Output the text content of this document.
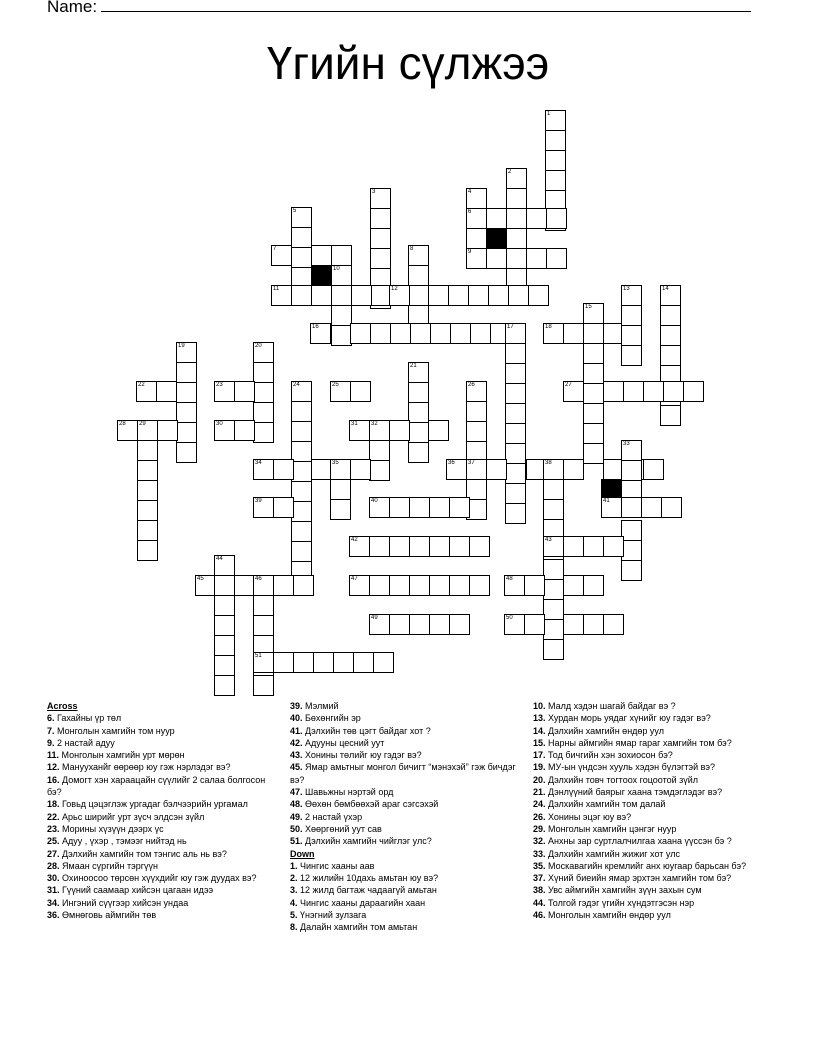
Name:
Үгийн сүлжээ
1
2
3	4
6
9
5
7
10
11
8
12
16	17	18
15
13	14
27
19	20
22	23
28 29	30
24	25
21
31 32
26
34	35	36 37	38
33
39	40	41
42	43
44
45	46	47	48
49	50
51
Across
6. Гахайны үр төл
7. Монголын хамгийн том нуур
9. 2 настай адуу
11. Монголын хамгийн урт мөрөн
12. Манууханйг өөрөөр юу гэж нэрлэдэг вэ?
16. Домогт хэн хараацайн сүүлийг 2 салаа болгосон бэ?
18. Говьд цэцэглэж ургадаг бэлчээрийн ургамал
22. Арьс ширийг урт зүсч элдсэн зүйл
23. Морины хүзүүн дээрх үс
25. Адуу , үхэр , тэмээг нийтэд нь
27. Дэлхийн хамгийн том тэнгис аль нь вэ?
28. Ямаан сүргийн тэргүүн
30. Охиноосоо төрсөн хүүхдийг юу гэж дуудах вэ?
31. Гүүний саамаар хийсэн цагаан идээ
34. Ингэний сүүгээр хийсэн ундаа
36. Өмнөговь аймгийн төв
39. Мэлмий
40. Бөхөнгийн эр
41. Дэлхийн төв цэгт байдаг хот ?
42. Адууны цесний уут
43. Хонины төлийг юу гэдэг вэ?
45. Ямар амьтныг монгол бичигт “мэнэхэй” гэж бичдэг вэ?
47. Шавьжны нэртэй орд
48. Өөхөн бөмбөөхэй араг сэгсэхэй
49. 2 настай үхэр
50. Хөөргөний уут сав
51. Дэлхийн хамгийн чийглэг улс?
Down
1. Чингис хааны аав
2. 12 жилийн 10дахь амьтан юу вэ?
3. 12 жилд багтаж чадаагүй амьтан
4. Чингис хааны дараагийн хаан
5. Үнэгний зулзага
8. Далайн хамгийн том амьтан
10. Малд хэдэн шагай байдаг вэ ?
13. Хурдан морь уядаг хүнийг юу гэдэг вэ?
14. Дэлхийн хамгийн өндөр уул
15. Нарны аймгийн ямар гараг хамгийн том бэ?
17. Тод бичгийн хэн зохиосон бэ?
19. МУ-ын үндсэн хууль хэдэн бүлэгтэй вэ?
20. Дэлхийн товч тогтоох гоцоотой зүйл
21. Дэнлүүний баярыг хаана тэмдэглэдэг вэ?
24. Дэлхийн хамгийн том далай
26. Хонины эцэг юу вэ?
29. Монголын хамгийн цэнгэг нуур
32. Анхны зар суртлалчилгаа хаана үүссэн бэ ?
33. Дэлхийн хамгийн жижиг хот улс
35. Москавагийн кремлийг анх юугаар барьсан бэ?
37. Хүний биеийн ямар эрхтэн хамгийн том бэ?
38. Увс аймгийн хамгийн зүүн захын сум
44. Толгой гэдэг үгийн хүндэтгэсэн нэр
46. Монголын хамгийн өндөр уул
